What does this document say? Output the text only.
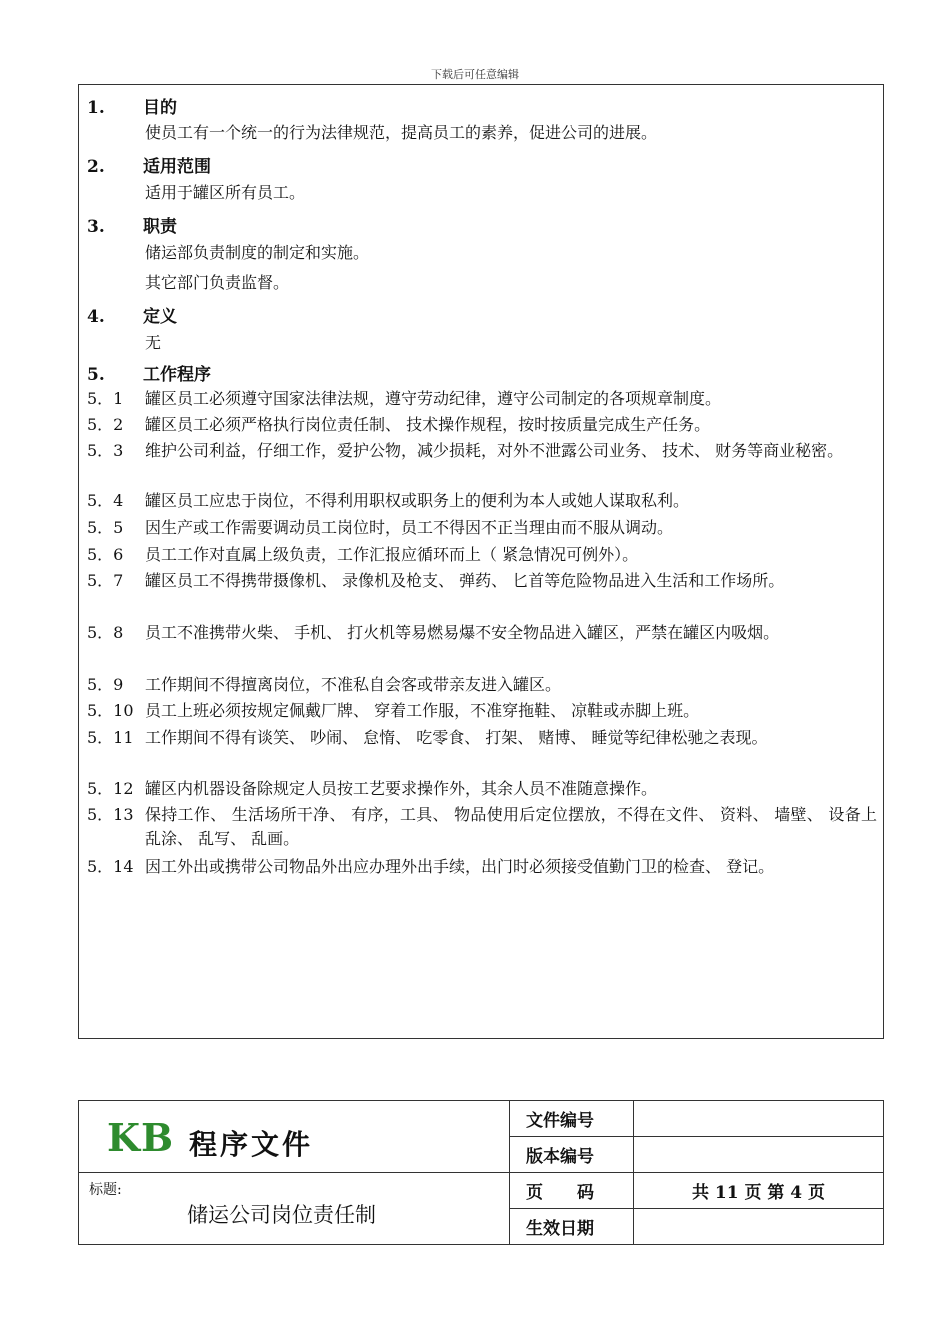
下载后可任意编辑
1. 目的
使员工有一个统一的行为法律规范，提高员工的素养，促进公司的进展。
2. 适用范围
适用于罐区所有员工。
3. 职责
储运部负责制度的制定和实施。
其它部门负责监督。
4. 定义
无
5. 工作程序
5．1	罐区员工必须遵守国家法律法规，遵守劳动纪律，遵守公司制定的各项规章制度。
5．2	罐区员工必须严格执行岗位责任制、 技术操作规程，按时按质量完成生产任务。
5．3	维护公司利益，仔细工作，爱护公物，减少损耗，对外不泄露公司业务、 技术、 财务等商业秘密。
5．4	罐区员工应忠于岗位，不得利用职权或职务上的便利为本人或她人谋取私利。
5．5	因生产或工作需要调动员工岗位时，员工不得因不正当理由而不服从调动。
5．6	员工工作对直属上级负责，工作汇报应循环而上（ 紧急情况可例外）。
5．7	罐区员工不得携带摄像机、 录像机及枪支、 弹药、 匕首等危险物品进入生活和工作场所。
5．8	员工不准携带火柴、 手机、 打火机等易燃易爆不安全物品进入罐区，严禁在罐区内吸烟。
5．9	工作期间不得擅离岗位，不准私自会客或带亲友进入罐区。
5．10 员工上班必须按规定佩戴厂牌、 穿着工作服，不准穿拖鞋、 凉鞋或赤脚上班。
5．11 工作期间不得有谈笑、 吵闹、 怠惰、 吃零食、 打架、 赌博、 睡觉等纪律松驰之表现。
5．12 罐区内机器设备除规定人员按工艺要求操作外，其余人员不准随意操作。
5．13 保持工作、 生活场所干净、 有序，工具、 物品使用后定位摆放，不得在文件、 资料、 墙壁、 设备上乱涂、 乱写、 乱画。
5．14 因工外出或携带公司物品外出应办理外出手续，出门时必须接受值勤门卫的检查、 登记。
KB 程序文件	文件编号	
	版本编号	

标题:
储运公司岗位责任制	页　　码	共 11 页 第 4 页
	生效日期	
